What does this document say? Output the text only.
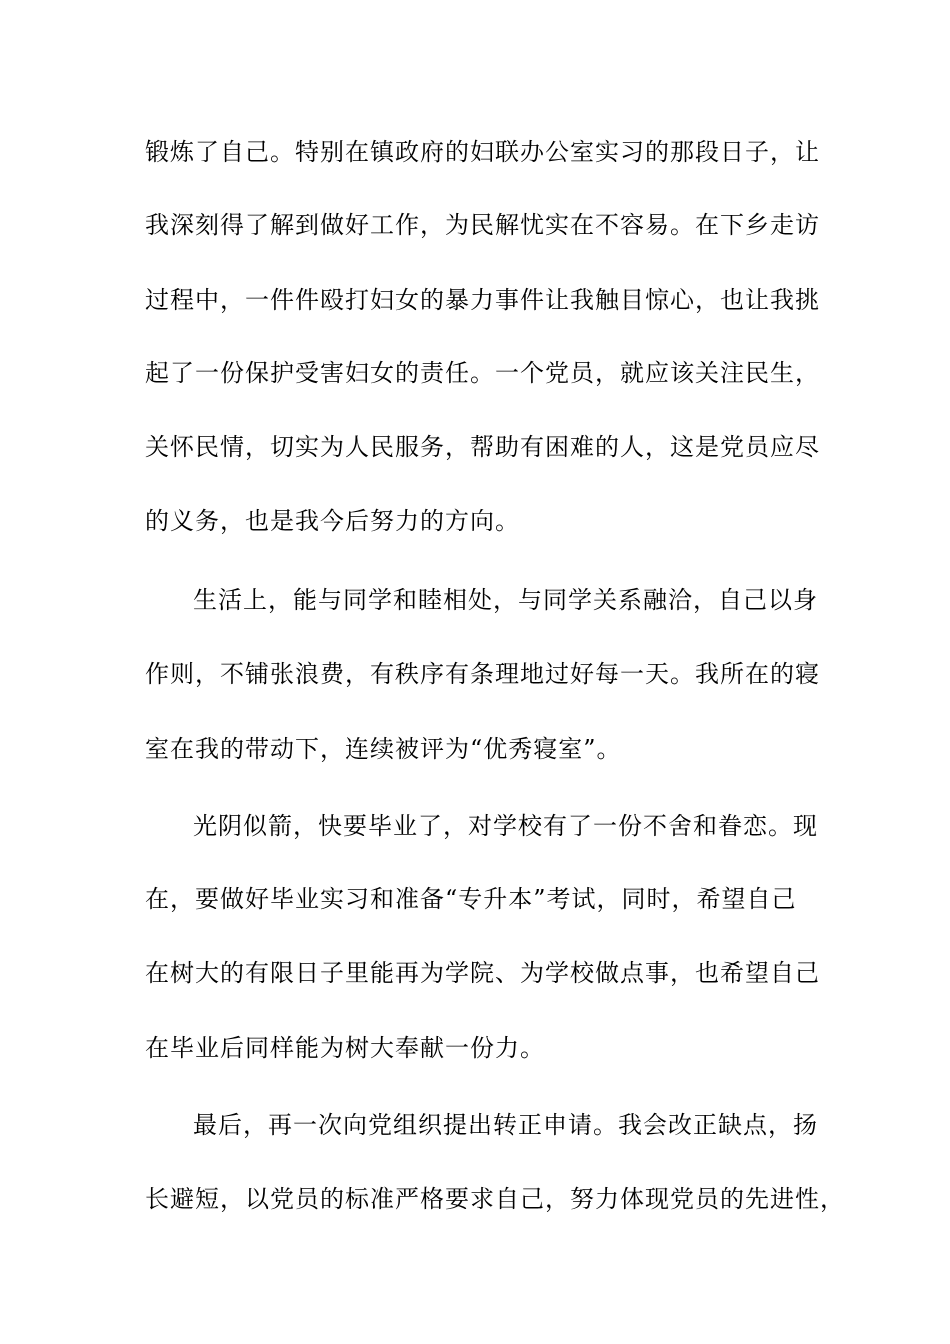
锻炼了自己。特别在镇政府的妇联办公室实习的那段日子，让
我深刻得了解到做好工作，为民解忧实在不容易。在下乡走访
过程中，一件件殴打妇女的暴力事件让我触目惊心，也让我挑
起了一份保护受害妇女的责任。一个党员，就应该关注民生，
关怀民情，切实为人民服务，帮助有困难的人，这是党员应尽
的义务，也是我今后努力的方向。
生活上，能与同学和睦相处，与同学关系融洽，自己以身
作则，不铺张浪费，有秩序有条理地过好每一天。我所在的寝
室在我的带动下，连续被评为“优秀寝室”。
光阴似箭，快要毕业了，对学校有了一份不舍和眷恋。现
在，要做好毕业实习和准备“专升本”考试，同时，希望自己
在树大的有限日子里能再为学院、为学校做点事，也希望自己
在毕业后同样能为树大奉献一份力。
最后，再一次向党组织提出转正申请。我会改正缺点，扬
长避短，以党员的标准严格要求自己，努力体现党员的先进性，
